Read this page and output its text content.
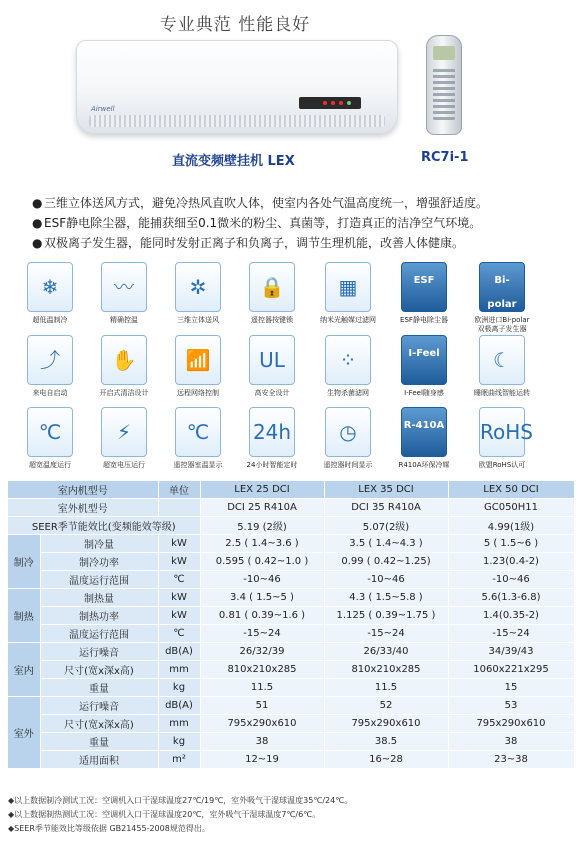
专业典范 性能良好
Airwell
直流变频壁挂机 LEX	RC7i-1
● 三维立体送风方式，避免冷热风直吹人体，使室内各处气温高度统一，增强舒适度。
● ESF静电除尘器，能捕获细至0.1微米的粉尘、真菌等，打造真正的洁净空气环境。
● 双极离子发生器，能同时发射正离子和负离子，调节生理机能，改善人体健康。
❄
超低温制冷
〰
精确控温
✲
三维立体送风
🔒
遥控器按键锁
▦
纳米光触媒过滤网
ESF
ESF静电除尘器
Bi-polar
欧洲进口Bi-polar
双极离子发生器
⤴
来电自启动
✋
开启式清洁设计
📶
远程网络控制
UL
高安全设计
⁘
生物杀菌滤网
I-Feel
I-Feel随身感
☾
睡眠曲线智能运转
℃
超宽温度运行
⚡
超宽电压运行
℃
遥控器室温显示
24h
24小时智能定时
◷
遥控器时间显示
R-410A
R410A环保冷媒
RoHS
欧盟RoHS认可
室内机型号		单位	LEX 25 DCI	LEX 35 DCI	LEX 50 DCI
室外机型号			DCI 25 R410A	DCI 35 R410A	GC050H11
SEER季节能效比(变频能效等级)			5.19 (2级)	5.07(2级)	4.99(1级)
制冷	制冷量	kW	2.5 ( 1.4~3.6 )	3.5 ( 1.4~4.3 )	5 ( 1.5~6 )
	制冷功率	kW	0.595 ( 0.42~1.0 )	0.99 ( 0.42~1.25)	1.23(0.4-2)
	温度运行范围	℃	-10~46	-10~46	-10~46
制热	制热量	kW	3.4 ( 1.5~5 )	4.3 ( 1.5~5.8 )	5.6(1.3-6.8)
	制热功率	kW	0.81 ( 0.39~1.6 )	1.125 ( 0.39~1.75 )	1.4(0.35-2)
	温度运行范围	℃	-15~24	-15~24	-15~24
室内	运行噪音	dB(A)	26/32/39	26/33/40	34/39/43
	尺寸(宽x深x高)	mm	810x210x285	810x210x285	1060x221x295
	重量	kg	11.5	11.5	15
室外	运行噪音	dB(A)	51	52	53
	尺寸(宽x深x高)	mm	795x290x610	795x290x610	795x290x610
	重量	kg	38	38.5	38
	适用面积	m²	12~19	16~28	23~38
◆以上数据制冷测试工况：空调机入口干湿球温度27℃/19℃，室外吸气干湿球温度35℃/24℃。
◆以上数据制热测试工况：空调机入口干湿球温度20℃，室外吸气干湿球温度7℃/6℃。
◆SEER季节能效比等级依据 GB21455-2008规范得出。
